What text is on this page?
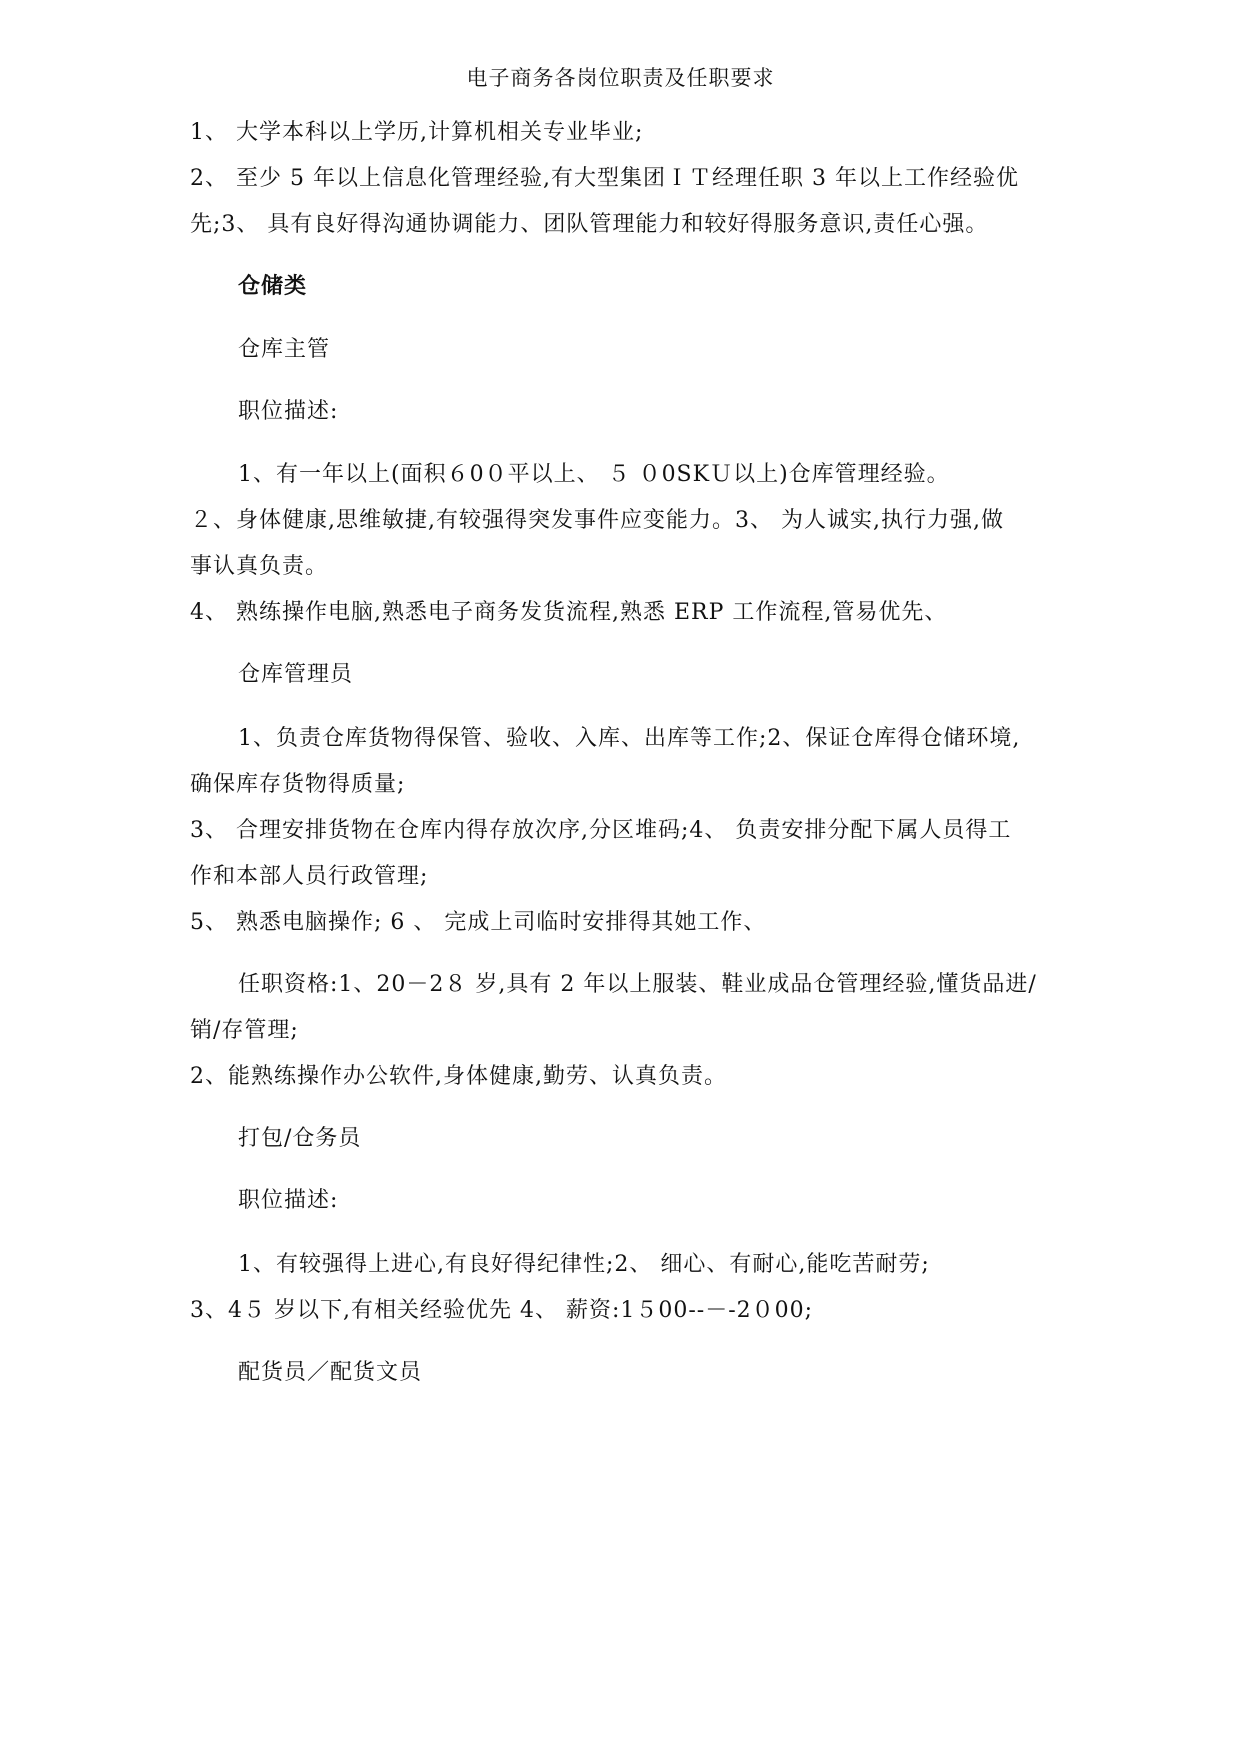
电子商务各岗位职责及任职要求
1、 大学本科以上学历,计算机相关专业毕业;
2、 至少 5 年以上信息化管理经验,有大型集团ＩＴ经理任职 3 年以上工作经验优
先;3、 具有良好得沟通协调能力、团队管理能力和较好得服务意识,责任心强。
仓储类
仓库主管
职位描述:
1、有一年以上(面积６0０平以上、 ５ ０0SKＵ以上)仓库管理经验。
２、身体健康,思维敏捷,有较强得突发事件应变能力。3、 为人诚实,执行力强,做
事认真负责。
4、 熟练操作电脑,熟悉电子商务发货流程,熟悉 ERP 工作流程,管易优先、
仓库管理员
1、负责仓库货物得保管、验收、入库、出库等工作;2、保证仓库得仓储环境,
确保库存货物得质量;
3、 合理安排货物在仓库内得存放次序,分区堆码;4、 负责安排分配下属人员得工
作和本部人员行政管理;
5、 熟悉电脑操作; 6 、 完成上司临时安排得其她工作、
任职资格:1、20－2８ 岁,具有 2 年以上服装、鞋业成品仓管理经验,懂货品进/
销/存管理;
2、能熟练操作办公软件,身体健康,勤劳、认真负责。
打包/仓务员
职位描述:
1、有较强得上进心,有良好得纪律性;2、 细心、有耐心,能吃苦耐劳;
3、4５ 岁以下,有相关经验优先 4、 薪资:1５00--－-2０00;
配货员／配货文员
